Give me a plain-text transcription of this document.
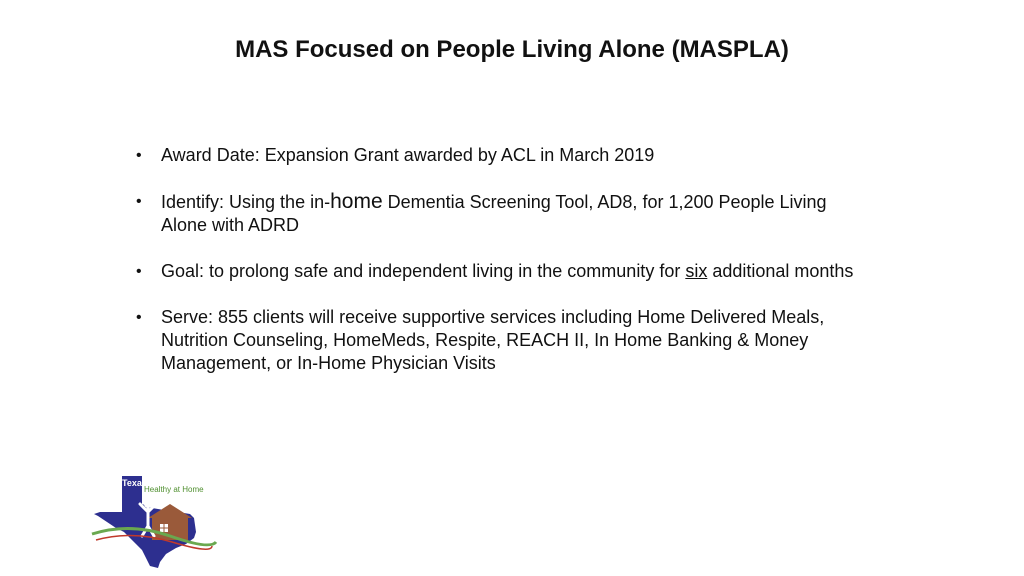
MAS Focused on People Living Alone (MASPLA)
• Award Date: Expansion Grant awarded by ACL in March 2019
• Identify: Using the in-home Dementia Screening Tool, AD8, for 1,200 People Living Alone with ADRD
• Goal: to prolong safe and independent living in the community for six additional months
• Serve: 855 clients will receive supportive services including Home Delivered Meals, Nutrition Counseling, HomeMeds, Respite, REACH II, In Home Banking & Money Management, or In-Home Physician Visits
Texas
Healthy at Home
